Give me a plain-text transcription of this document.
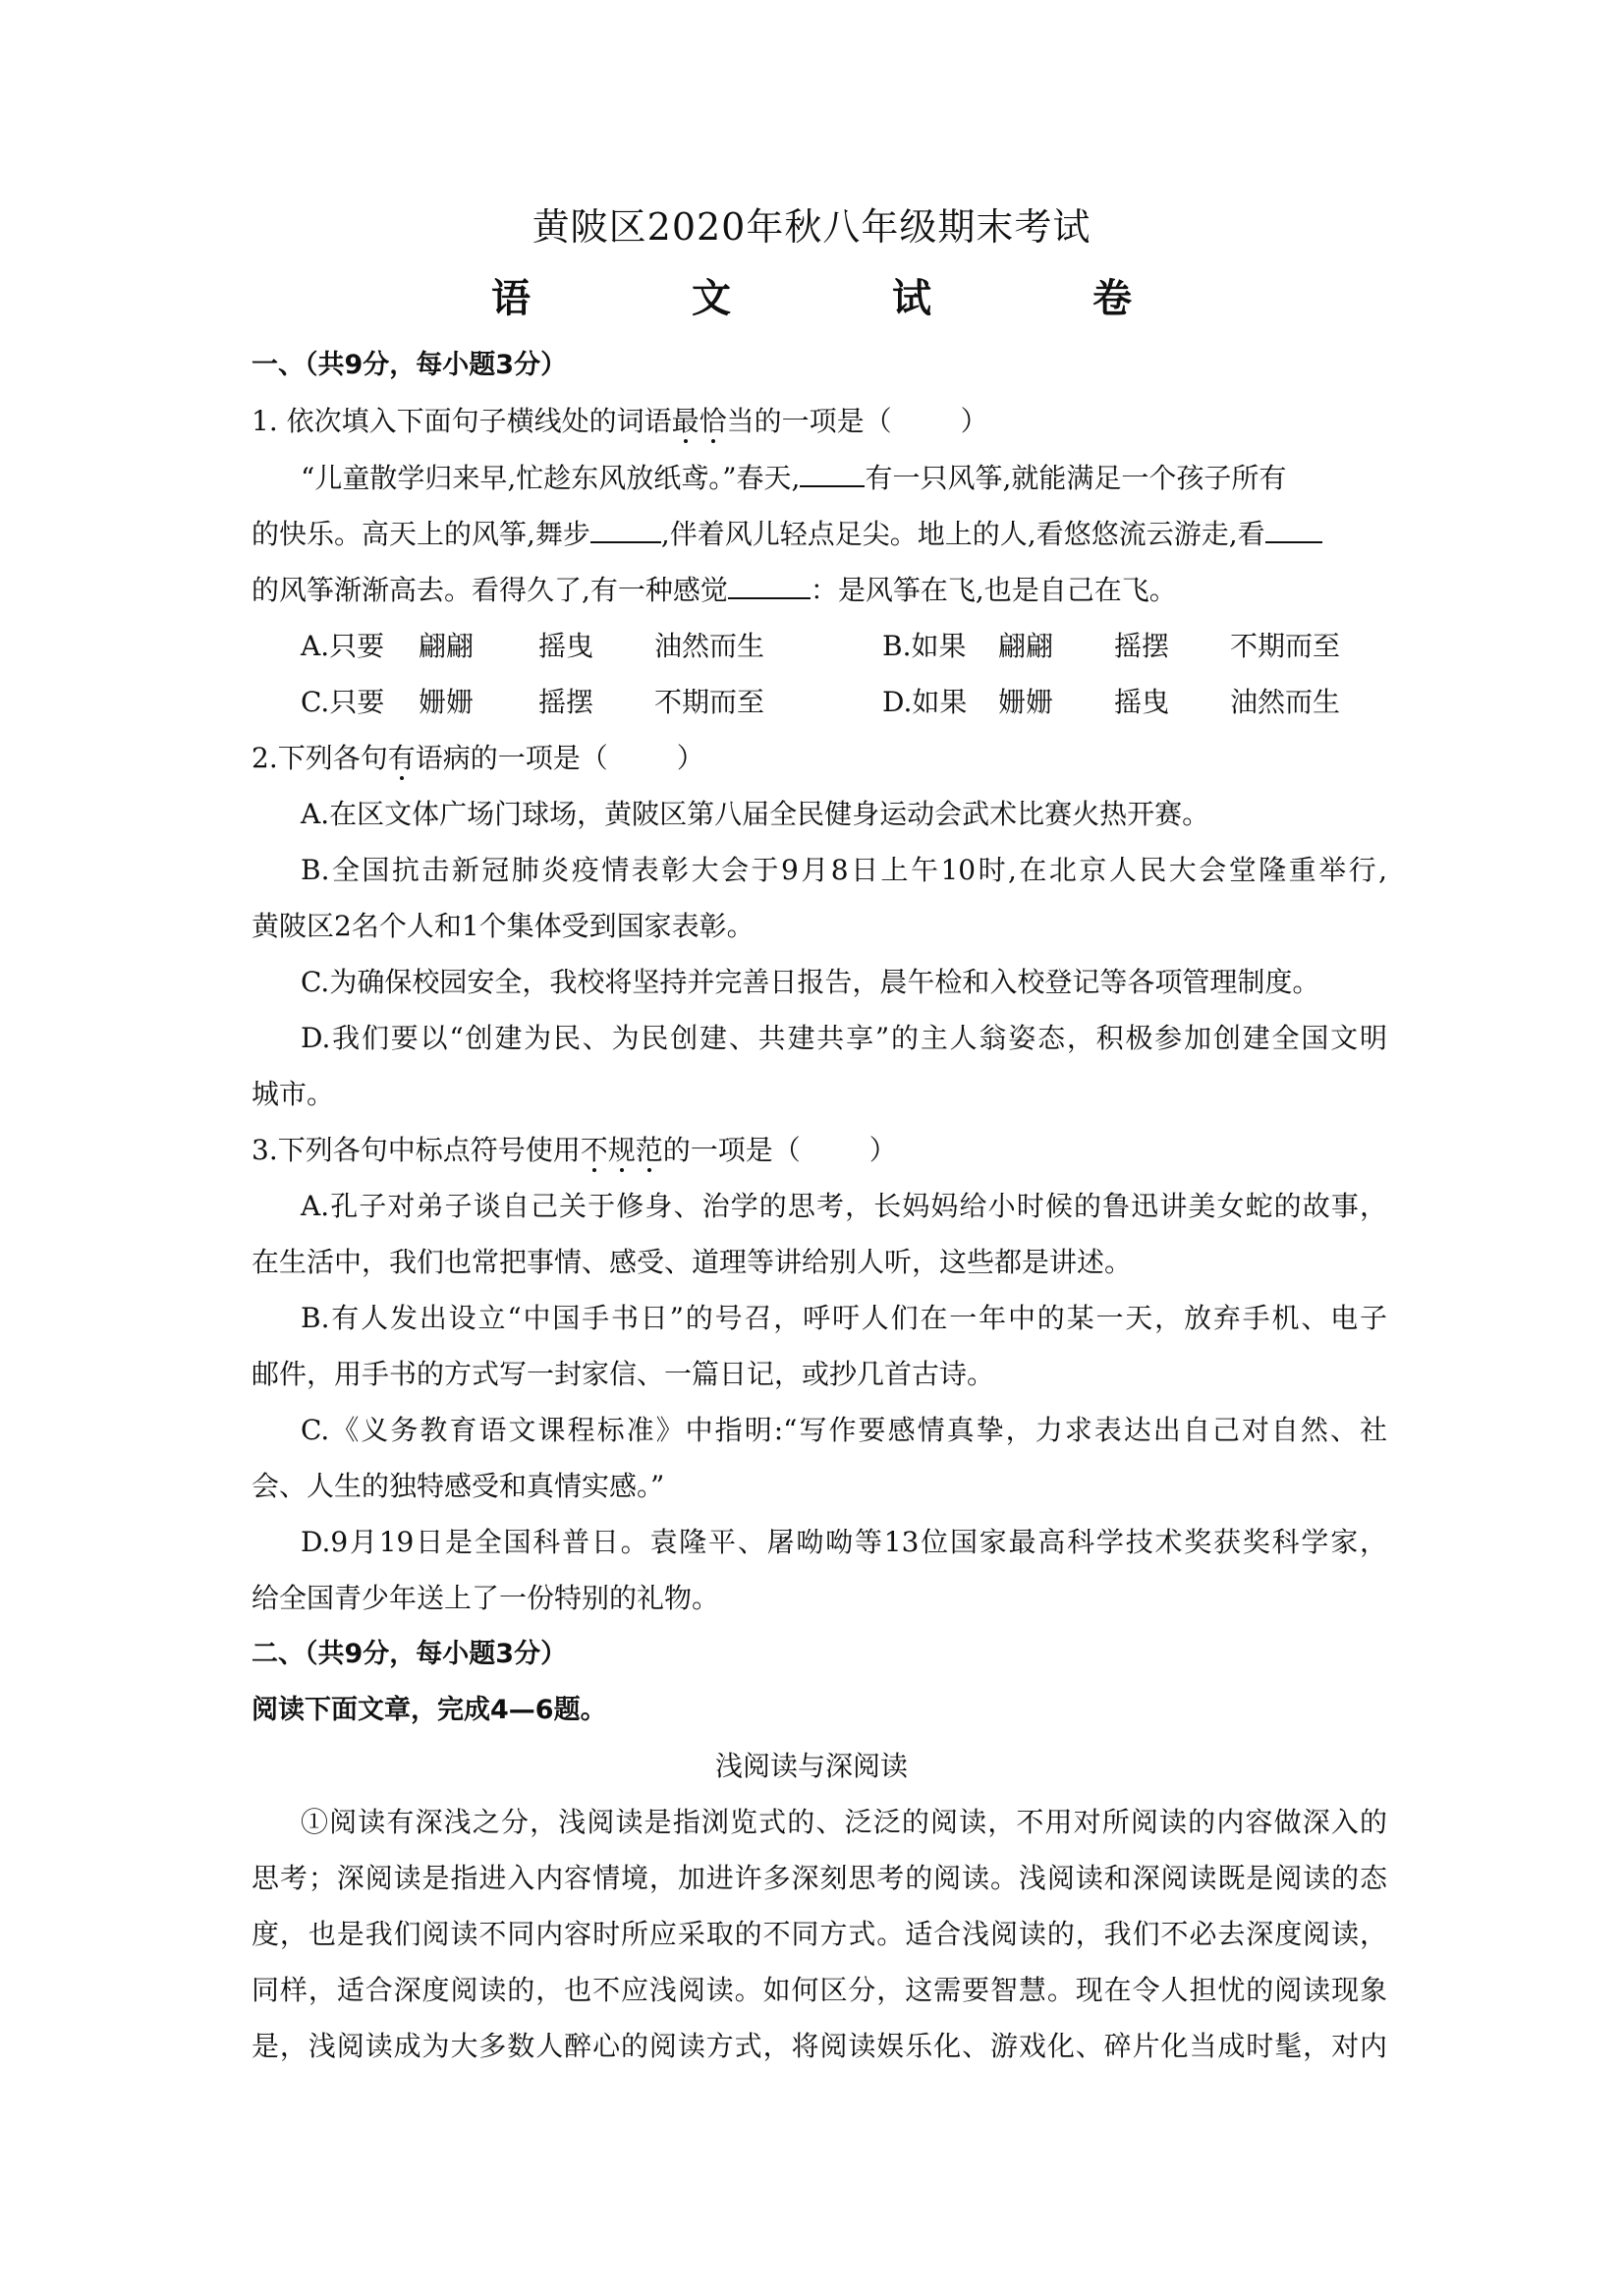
黄陂区2020年秋八年级期末考试
语	文	试	卷
一、（共9分，每小题3分）
1. 依次填入下面句子横线处的词语最恰当的一项是（	）
“儿童散学归来早,忙趁东风放纸鸢。”春天, 有一只风筝,就能满足一个孩子所有
的快乐。高天上的风筝,舞步	,伴着风儿轻点足尖。地上的人,看悠悠流云游走,看
的风筝渐渐高去。看得久了,有一种感觉	：是风筝在飞,也是自己在飞。
A.只要 翩翩 摇曳 油然而生	B.如果 翩翩 摇摆 不期而至
C.只要 姗姗 摇摆 不期而至	D.如果 姗姗 摇曳 油然而生
2.下列各句有语病的一项是（	）
A.在区文体广场门球场，黄陂区第八届全民健身运动会武术比赛火热开赛。
B.全国抗击新冠肺炎疫情表彰大会于9月8日上午10时,在北京人民大会堂隆重举行,
黄陂区2名个人和1个集体受到国家表彰。
C.为确保校园安全，我校将坚持并完善日报告，晨午检和入校登记等各项管理制度。
D.我们要以“创建为民、为民创建、共建共享”的主人翁姿态，积极参加创建全国文明
城市。
3.下列各句中标点符号使用不规范的一项是（	）
A.孔子对弟子谈自己关于修身、治学的思考，长妈妈给小时候的鲁迅讲美女蛇的故事，
在生活中，我们也常把事情、感受、道理等讲给别人听，这些都是讲述。
B.有人发出设立“中国手书日”的号召，呼吁人们在一年中的某一天，放弃手机、电子
邮件，用手书的方式写一封家信、一篇日记，或抄几首古诗。
C.《义务教育语文课程标准》中指明:“写作要感情真挚，力求表达出自己对自然、社
会、人生的独特感受和真情实感。”
D.9月19日是全国科普日。袁隆平、屠呦呦等13位国家最高科学技术奖获奖科学家，
给全国青少年送上了一份特别的礼物。
二、（共9分，每小题3分）
阅读下面文章，完成4—6题。
浅阅读与深阅读
①阅读有深浅之分，浅阅读是指浏览式的、泛泛的阅读，不用对所阅读的内容做深入的
思考；深阅读是指进入内容情境，加进许多深刻思考的阅读。浅阅读和深阅读既是阅读的态
度，也是我们阅读不同内容时所应采取的不同方式。适合浅阅读的，我们不必去深度阅读，
同样，适合深度阅读的，也不应浅阅读。如何区分，这需要智慧。现在令人担忧的阅读现象
是，浅阅读成为大多数人醉心的阅读方式，将阅读娱乐化、游戏化、碎片化当成时髦，对内
